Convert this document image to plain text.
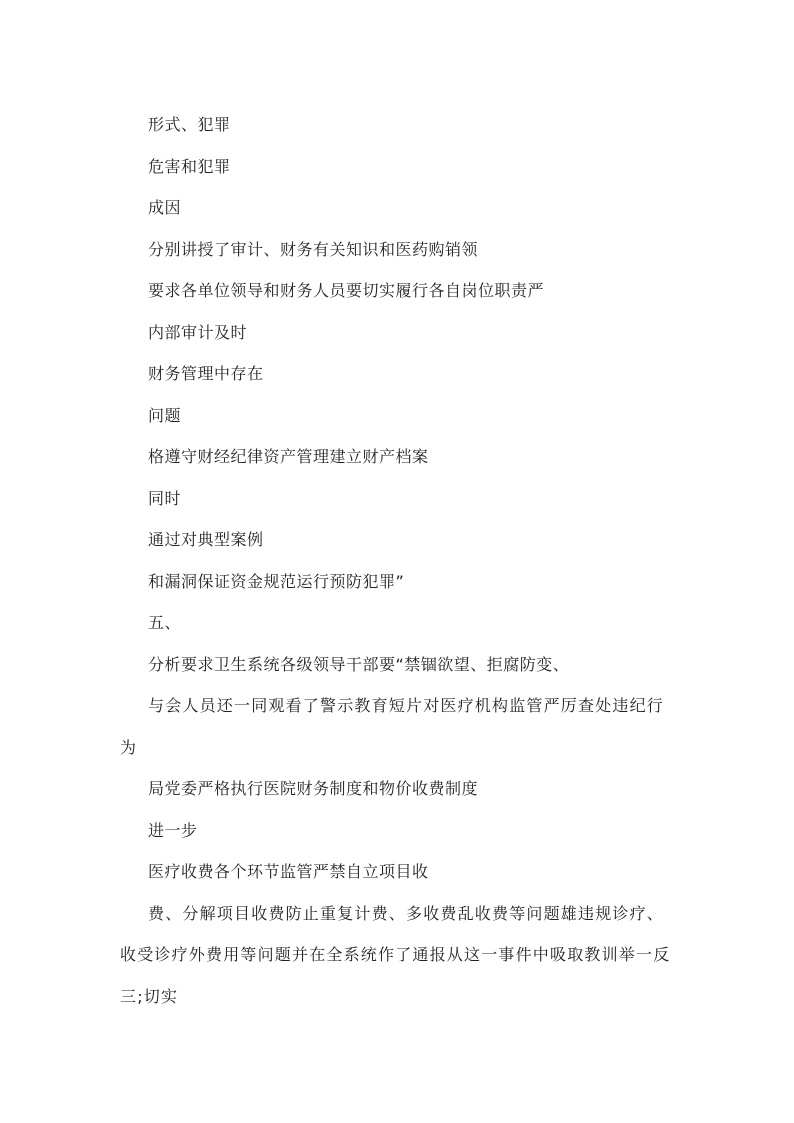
形式、犯罪

危害和犯罪

成因

分别讲授了审计、财务有关知识和医药购销领

要求各单位领导和财务人员要切实履行各自岗位职责严

内部审计及时

财务管理中存在

问题

格遵守财经纪律资产管理建立财产档案

同时

通过对典型案例

和漏洞保证资金规范运行预防犯罪”

五、

分析要求卫生系统各级领导干部要“禁锢欲望、拒腐防变、

与会人员还一同观看了警示教育短片对医疗机构监管严厉查处违纪行为

局党委严格执行医院财务制度和物价收费制度

进一步

医疗收费各个环节监管严禁自立项目收

费、分解项目收费防止重复计费、多收费乱收费等问题雄违规诊疗、收受诊疗外费用等问题并在全系统作了通报从这一事件中吸取教训举一反三;切实
